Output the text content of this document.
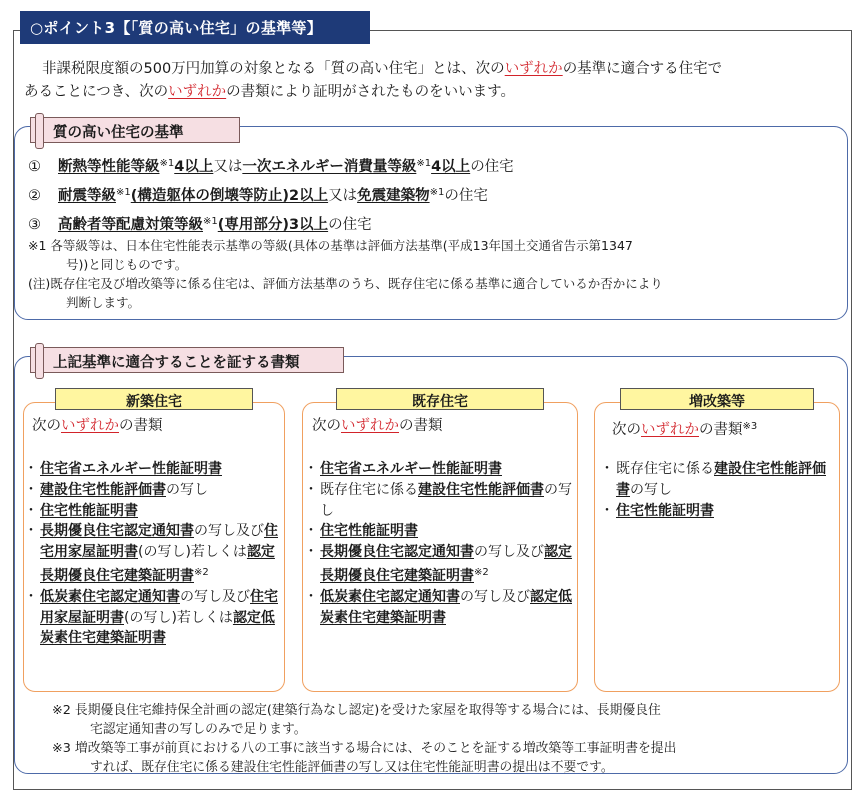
○ポイント3【「質の高い住宅」の基準等】
非課税限度額の500万円加算の対象となる「質の高い住宅」とは、次のいずれかの基準に適合する住宅で
あることにつき、次のいずれかの書類により証明がされたものをいいます。
質の高い住宅の基準
① 断熱等性能等級$^{※1}$4以上又は一次エネルギー消費量等級$^{※1}$4以上の住宅
② 耐震等級$^{※1}$(構造躯体の倒壊等防止)2以上又は免震建築物$^{※1}$の住宅
③ 高齢者等配慮対策等級$^{※1}$(専用部分)3以上の住宅
※1 各等級等は、日本住宅性能表示基準の等級(具体の基準は評価方法基準(平成13年国土交通省告示第1347
号))と同じものです。
(注)既存住宅及び増改築等に係る住宅は、評価方法基準のうち、既存住宅に係る基準に適合しているか否かにより
判断します。
上記基準に適合することを証する書類
新築住宅	既存住宅	増改築等
次のいずれかの書類	次のいずれかの書類	次のいずれかの書類$^{※3}$
・ 住宅省エネルギー性能証明書
・ 建設住宅性能評価書の写し
・ 住宅性能証明書
・ 長期優良住宅認定通知書の写し及び住宅用家屋証明書(の写し)若しくは認定長期優良住宅建築証明書$^{※2}$
・ 低炭素住宅認定通知書の写し及び住宅用家屋証明書(の写し)若しくは認定低炭素住宅建築証明書
・ 住宅省エネルギー性能証明書
・ 既存住宅に係る建設住宅性能評価書の写し
・ 住宅性能証明書
・ 長期優良住宅認定通知書の写し及び認定長期優良住宅建築証明書$^{※2}$
・ 低炭素住宅認定通知書の写し及び認定低炭素住宅建築証明書
・ 既存住宅に係る建設住宅性能評価書の写し
・ 住宅性能証明書
※2 長期優良住宅維持保全計画の認定(建築行為なし認定)を受けた家屋を取得等する場合には、長期優良住
宅認定通知書の写しのみで足ります。
※3 増改築等工事が前頁における八の工事に該当する場合には、そのことを証する増改築等工事証明書を提出
すれば、既存住宅に係る建設住宅性能評価書の写し又は住宅性能証明書の提出は不要です。
